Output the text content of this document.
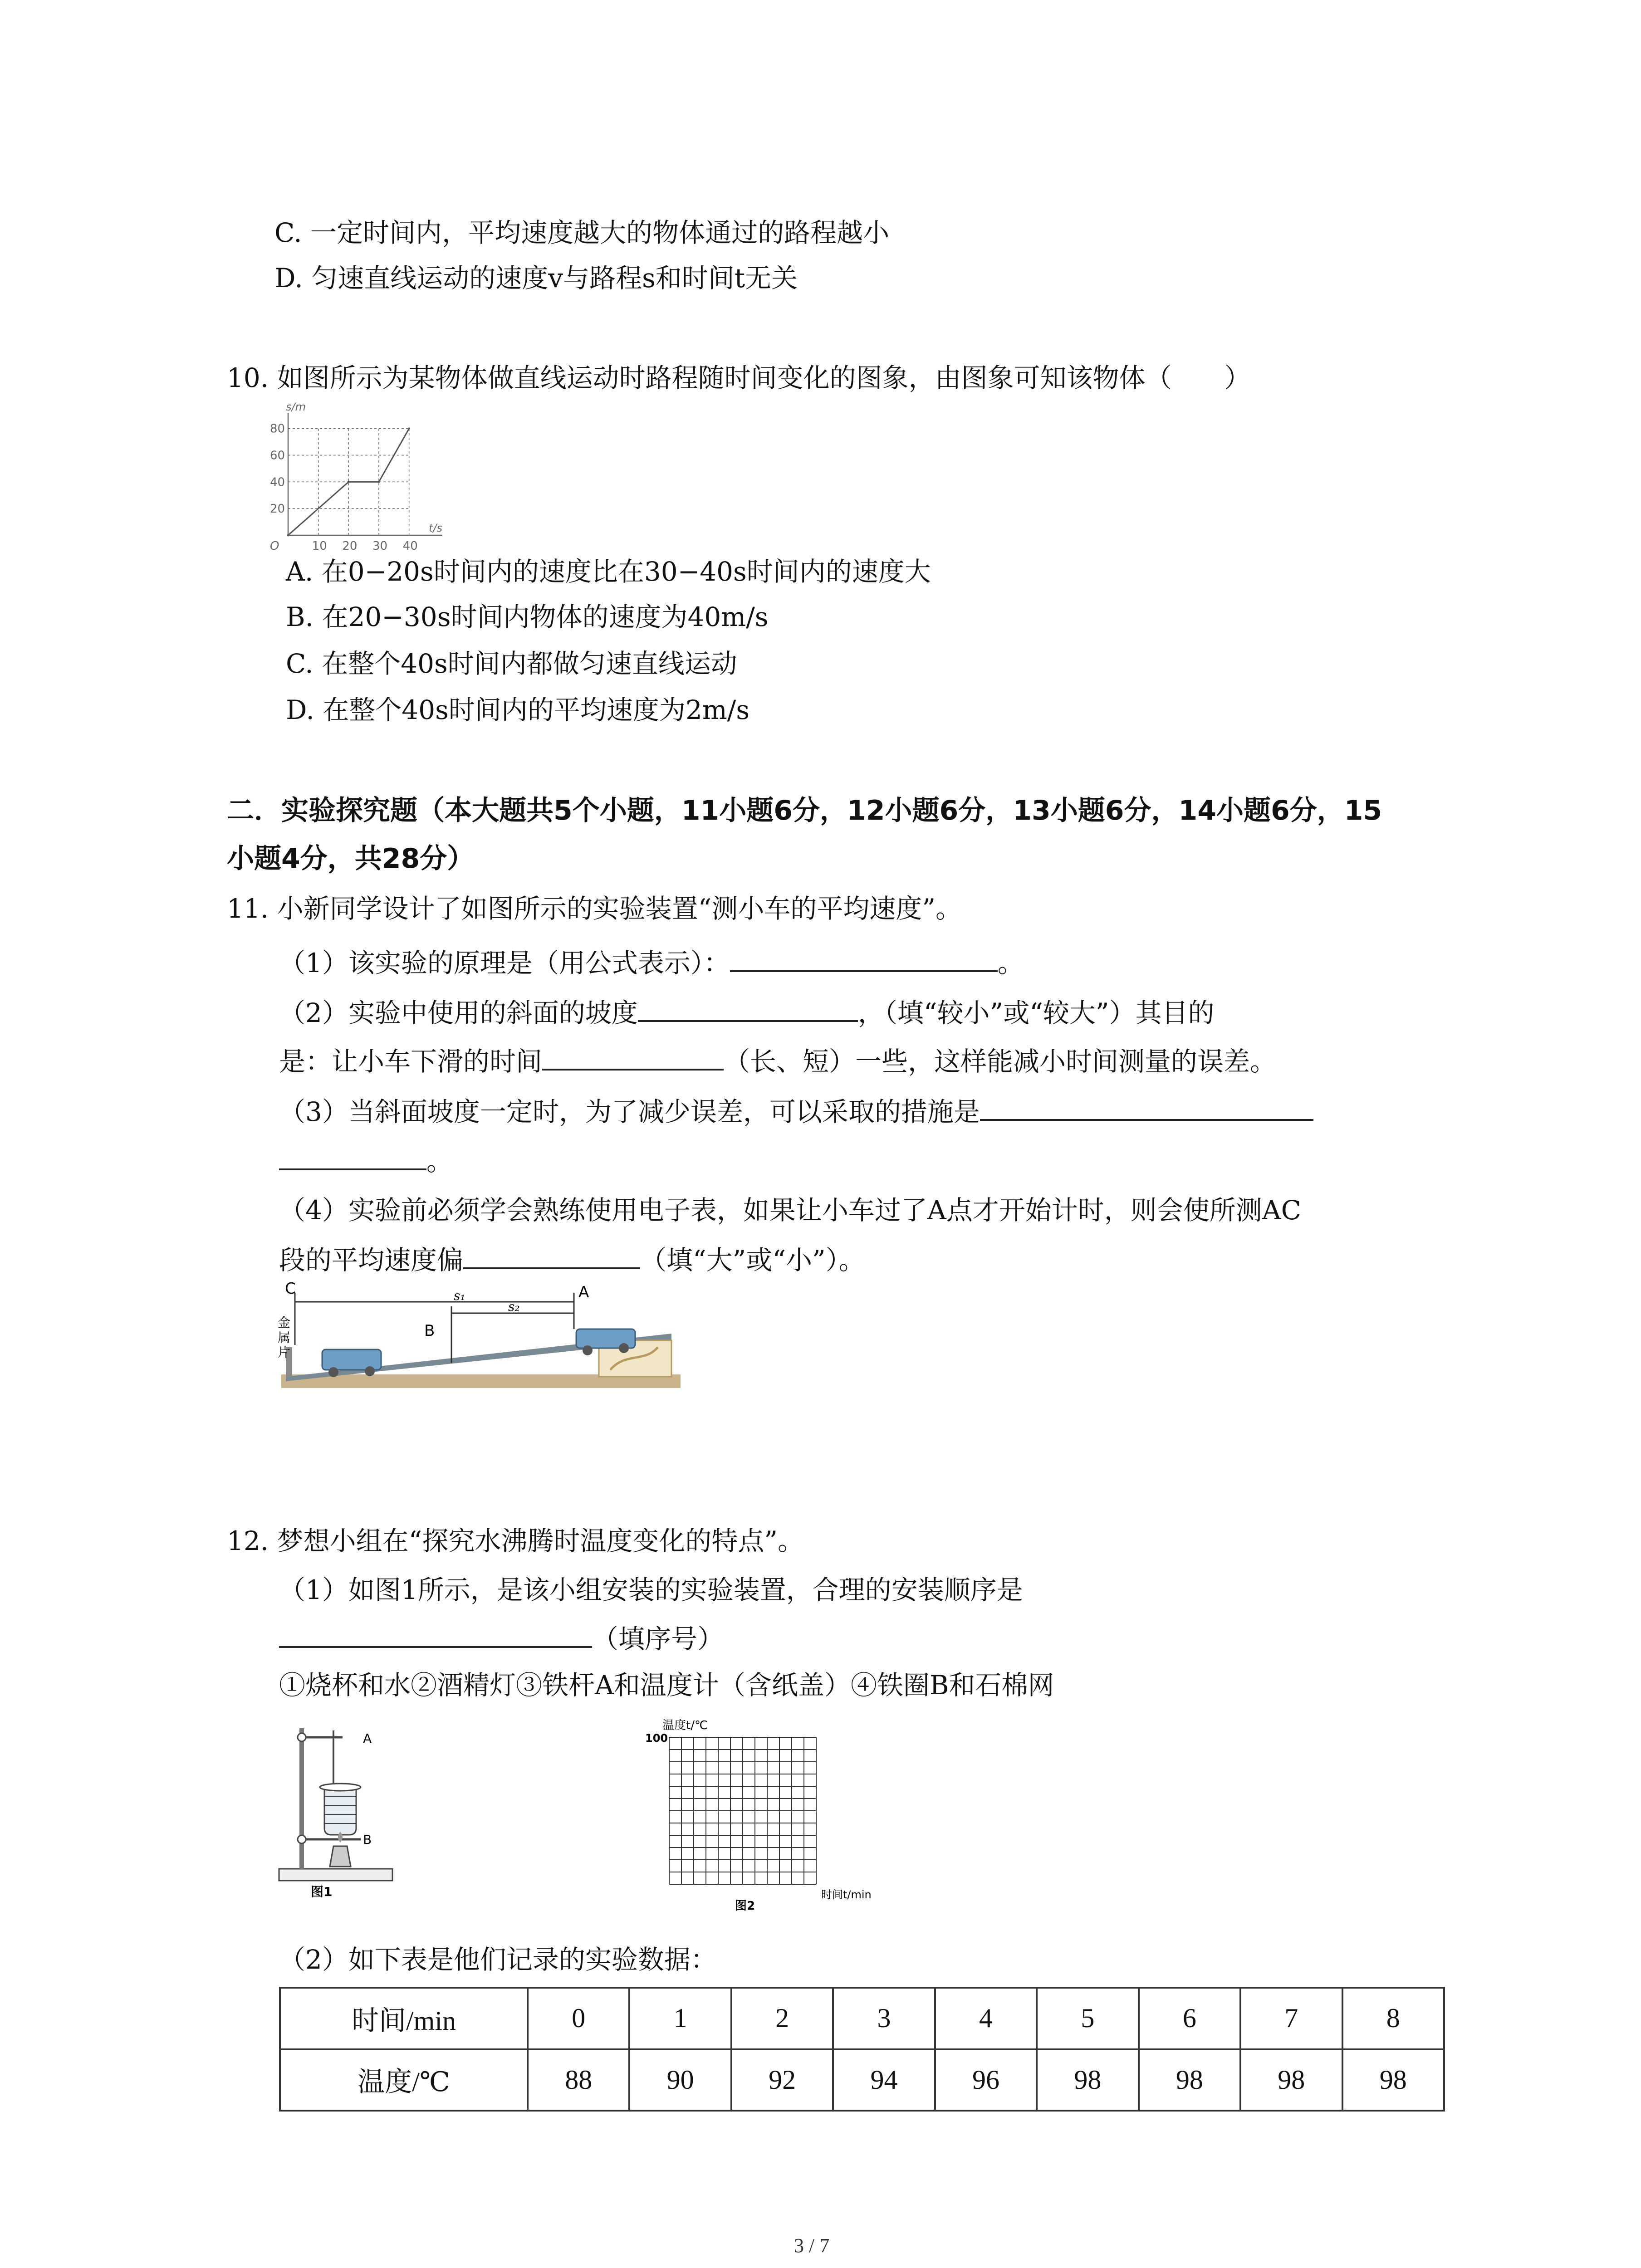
C. 一定时间内，平均速度越大的物体通过的路程越小
D. 匀速直线运动的速度v与路程s和时间t无关
10. 如图所示为某物体做直线运动时路程随时间变化的图象，由图象可知该物体（　　）
10 20 30 40
20
40
60
80
s/m
t/s
O
A. 在0−20s时间内的速度比在30−40s时间内的速度大
B. 在20−30s时间内物体的速度为40m/s
C. 在整个40s时间内都做匀速直线运动
D. 在整个40s时间内的平均速度为2m/s
二．实验探究题（本大题共5个小题，11小题6分，12小题6分，13小题6分，14小题6分，15
小题4分，共28分）
11. 小新同学设计了如图所示的实验装置“测小车的平均速度”。
（1）该实验的原理是（用公式表示）：	。
（2）实验中使用的斜面的坡度	，（填“较小”或“较大”）其目的
是：让小车下滑的时间	（长、短）一些，这样能减小时间测量的误差。
（3）当斜面坡度一定时，为了减少误差，可以采取的措施是
。
（4）实验前必须学会熟练使用电子表，如果让小车过了A点才开始计时，则会使所测AC
段的平均速度偏	（填“大”或“小”）。
C	A
B
s₁
s₂
金
属
片
12. 梦想小组在“探究水沸腾时温度变化的特点”。
（1）如图1所示，是该小组安装的实验装置，合理的安装顺序是
（填序号）
①烧杯和水②酒精灯③铁杆A和温度计（含纸盖）④铁圈B和石棉网
A
B
图1
温度t/℃
100
时间t/min
图2
（2）如下表是他们记录的实验数据：
时间/min	0	1	2	3	4	5	6	7	8
温度/℃	88	90	92	94	96	98	98	98	98
3 / 7
